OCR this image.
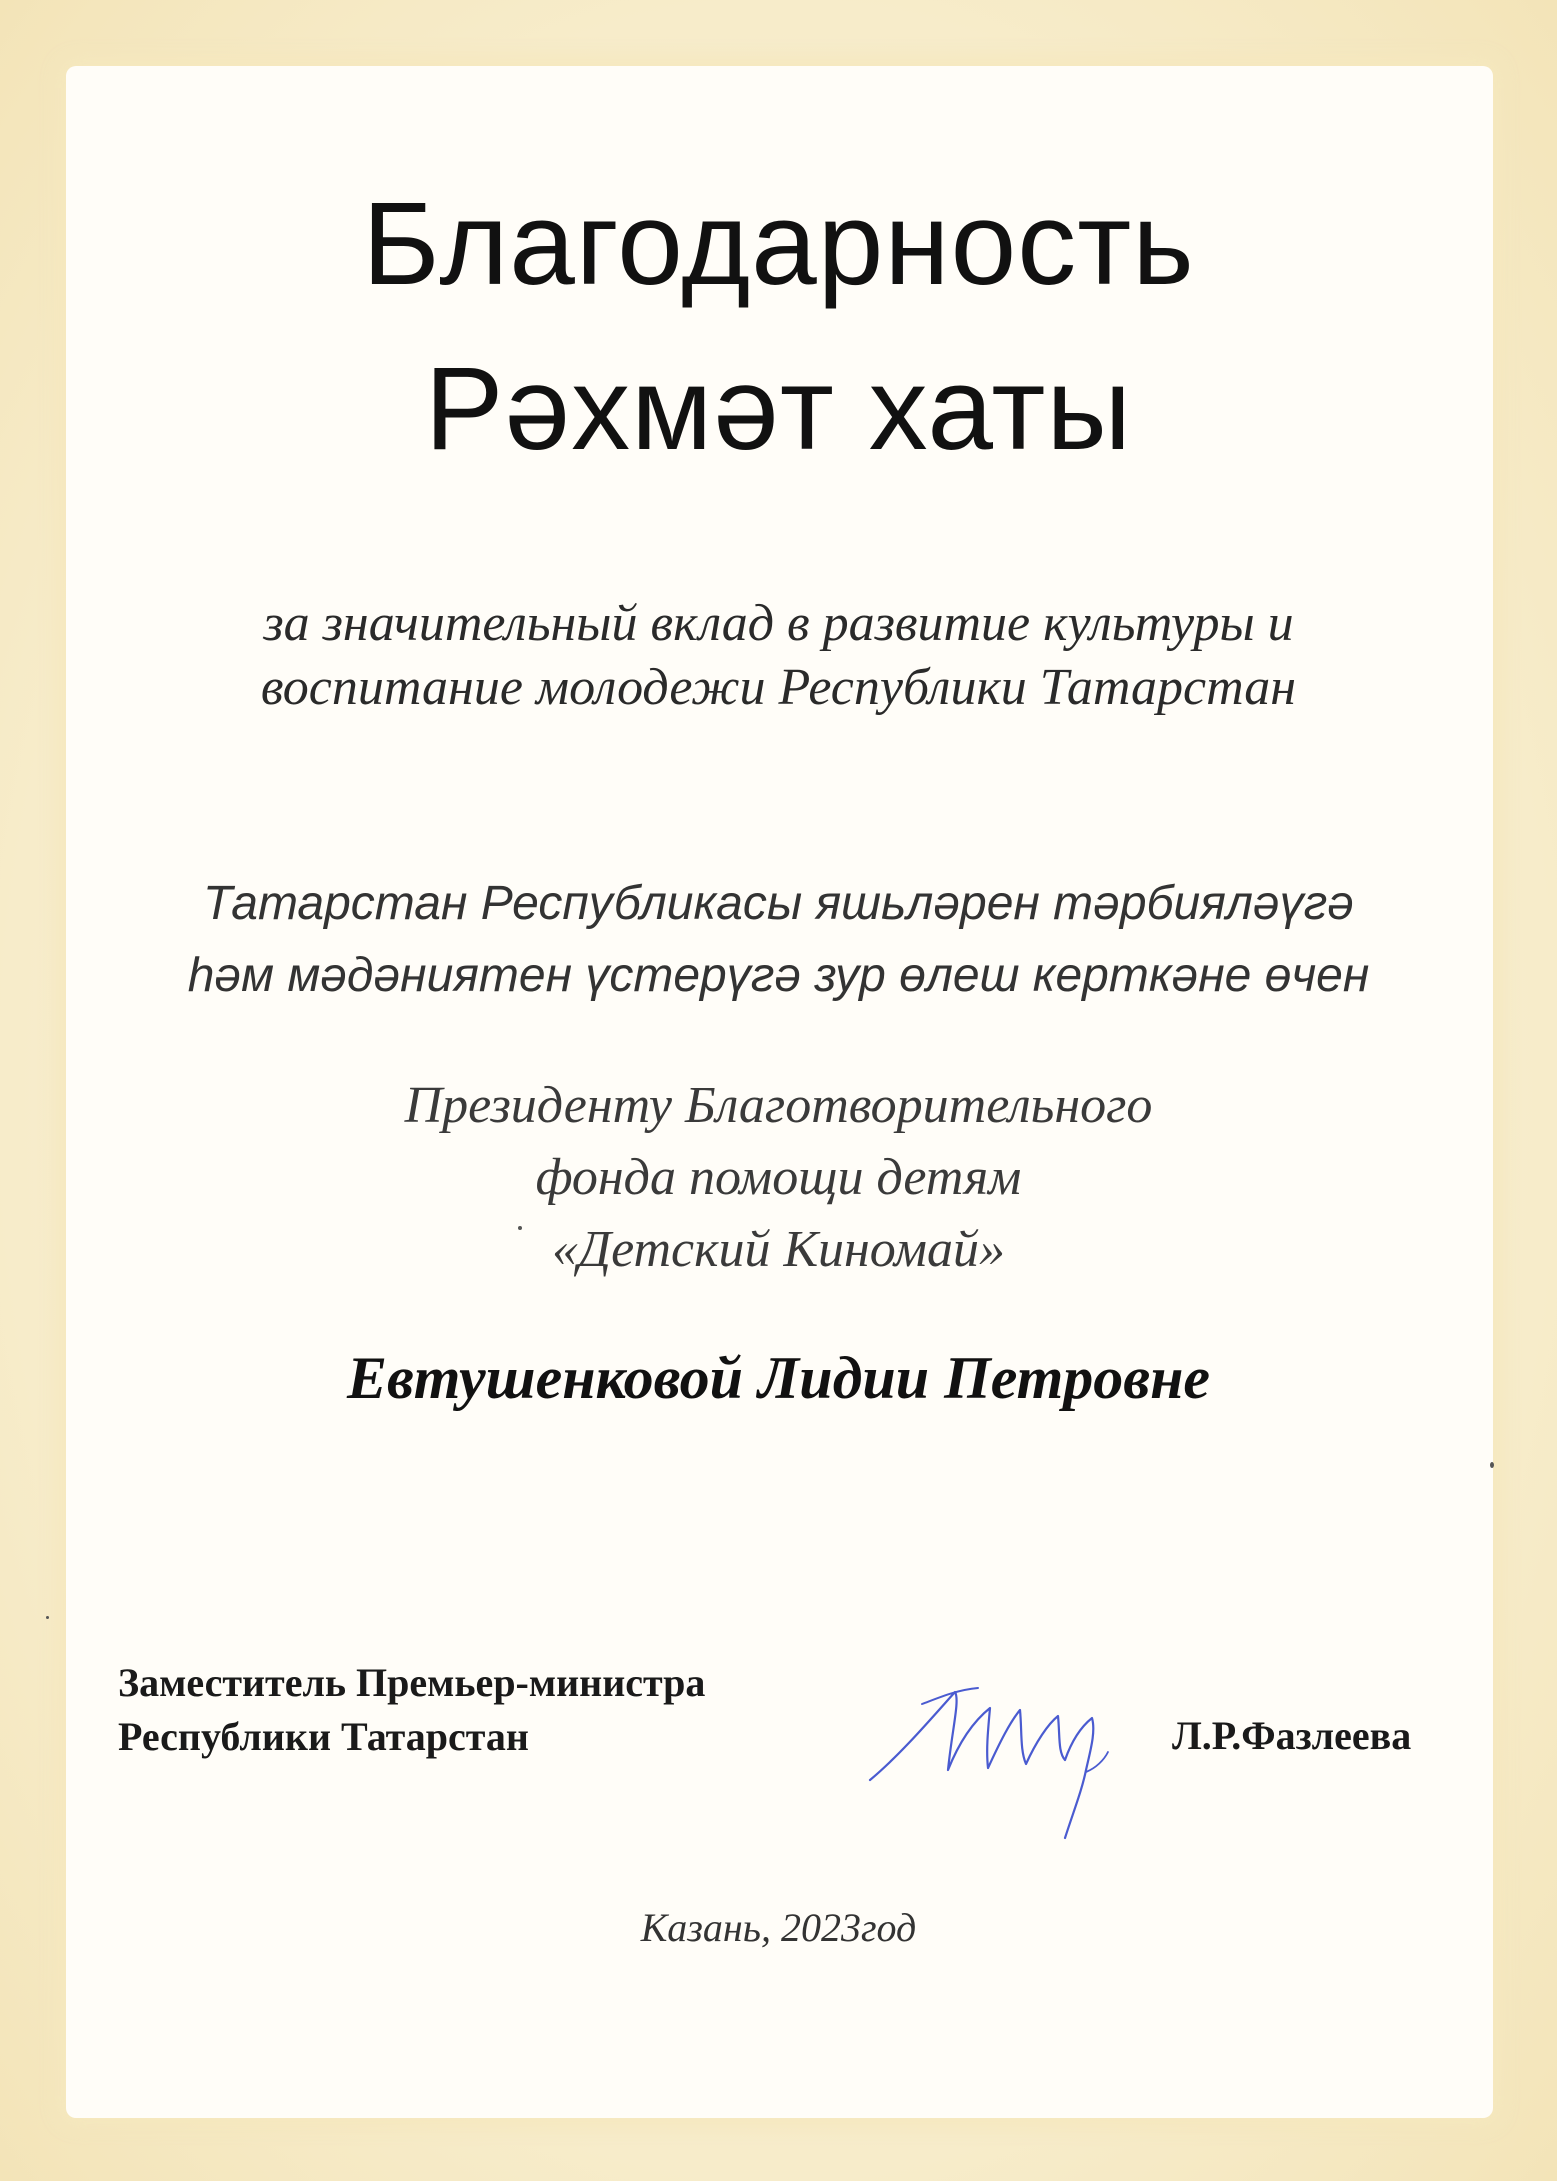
Благодарность
Рәхмәт хаты

за значительный вклад в развитие культуры и
воспитание молодежи Республики Татарстан

Татарстан Республикасы яшьләрен тәрбияләүгә
һәм мәдәниятен үстерүгә зур өлеш керткәне өчен

Президенту Благотворительного
фонда помощи детям
«Детский Киномай»

Евтушенковой Лидии Петровне

Заместитель Премьер-министра
Республики Татарстан	Л.Р.Фазлеева
Казань, 2023год
